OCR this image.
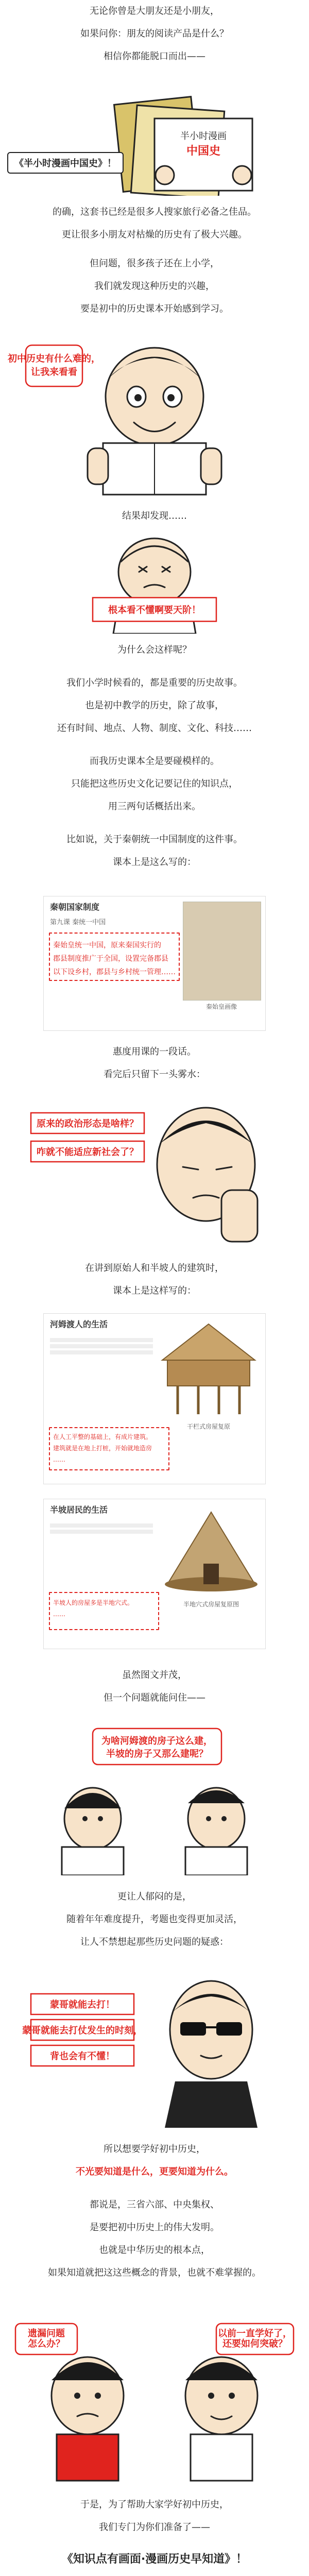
无论你曾是大朋友还是小朋友，

如果问你：朋友的阅读产品是什么？

相信你都能脱口而出——

《半小时漫画中国史》！
半小时漫画
中国史

的确，这套书已经是很多人搜家旅行必备之佳品。

更让很多小朋友对枯燥的历史有了极大兴趣。

但问题，很多孩子还在上小学，

我们就发现这种历史的兴趣，

要是初中的历史课本开始感到学习。

初中历史有什么难的，
让我来看看

结果却发现……

根本看不懂啊要天阶！

为什么会这样呢？

我们小学时候看的，都是重要的历史故事。

也是初中教学的历史，除了故事，

还有时间、地点、人物、制度、文化、科技……

而我历史课本全是要碰模样的。

只能把这些历史文化记要记住的知识点，

用三两句话概括出来。

比如说，关于秦朝统一中国制度的这件事。

课本上是这么写的：

秦朝国家制度
第九课 秦统一中国
秦始皇画像
秦始皇统一中国，原来秦国实行的
郡县制度推广于全国，设置完备郡县
以下设乡村，郡县与乡村统一管理……

惠度用课的一段话。

看完后只留下一头雾水：

原来的政治形态是啥样？
咋就不能适应新社会了？

在讲到原始人和半坡人的建筑时，

课本上是这样写的：

河姆渡人的生活
干栏式房屋复原
在人工平整的基础上，有成片建筑。
建筑就是在地上打桩，开始就地造房
……
半坡居民的生活
半地穴式房屋复原图
半坡人的房屋多是半地穴式。
……

虽然图文并茂，

但一个问题就能问住——

为啥河姆渡的房子这么建，
半坡的房子又那么建呢？

更让人郁闷的是，

随着年年难度提升，考题也变得更加灵活，

让人不禁想起那些历史问题的疑惑：

蒙哥就能去打！
蒙哥就能去打仗发生的时刻，
背也会有不懂！

所以想要学好初中历史，

不光要知道是什么，更要知道为什么。

都说是，三省六部、中央集权、

是要把初中历史上的伟大发明。

也就是中华历史的根本点，

如果知道就把这这些概念的背景，也就不难掌握的。

遗漏问题
怎么办？
以前一直学好了，
还要如何突破？

于是，为了帮助大家学好初中历史，

我们专门为你们准备了——

《知识点有画面·漫画历史早知道》！
